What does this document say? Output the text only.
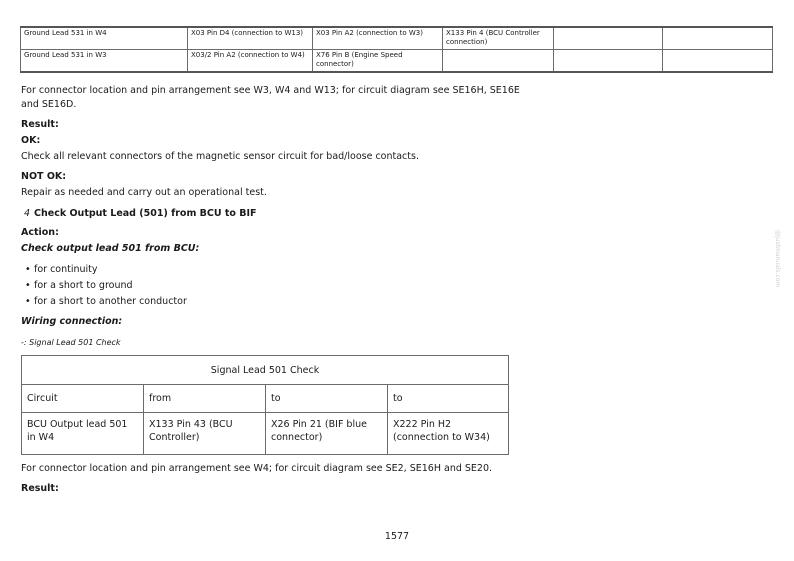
Ground Lead 531 in W4	X03 Pin D4 (connection to W13)	X03 Pin A2 (connection to W3)	X133 Pin 4 (BCU Controller connection)		
Ground Lead 531 in W3	X03/2 Pin A2 (connection to W4)	X76 Pin B (Engine Speed connector)			

For connector location and pin arrangement see W3, W4 and W13; for circuit diagram see SE16H, SE16E and SE16D.

Result:

OK:

Check all relevant connectors of the magnetic sensor circuit for bad/loose contacts.

NOT OK:

Repair as needed and carry out an operational test.

4 Check Output Lead (501) from BCU to BIF

Action:

Check output lead 501 from BCU:

• for continuity
• for a short to ground
• for a short to another conductor

Wiring connection:

-: Signal Lead 501 Check

Signal Lead 501 Check			
Circuit	from	to	to
BCU Output lead 501 in W4	X133 Pin 43 (BCU Controller)	X26 Pin 21 (BIF blue connector)	X222 Pin H2 (connection to W34)

For connector location and pin arrangement see W4; for circuit diagram see SE2, SE16H and SE20.

Result:

1577
@justmanuals.com
